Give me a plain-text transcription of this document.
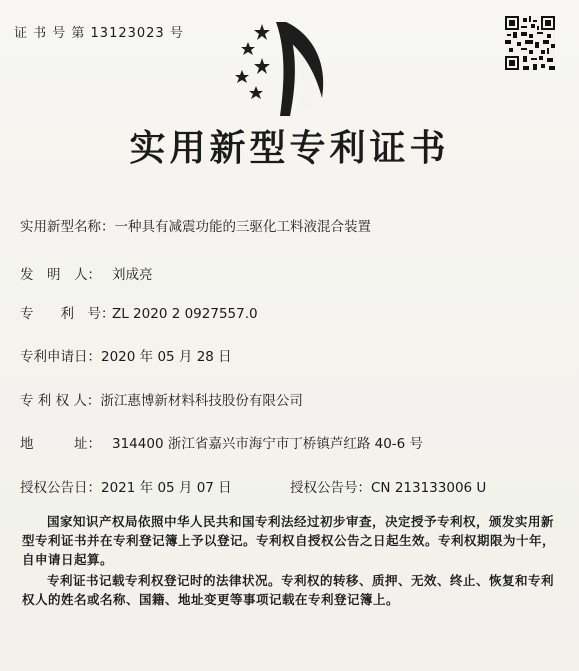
证 书 号 第 13123023 号
实用新型专利证书
实用新型名称：一种具有减震功能的三驱化工料液混合装置
发　明　人： 刘成亮
专　　利　号：ZL 2020 2 0927557.0
专利申请日：2020 年 05 月 28 日
专 利 权 人：浙江惠博新材料科技股份有限公司
地　　　址： 314400 浙江省嘉兴市海宁市丁桥镇芦红路 40-6 号
授权公告日：2021 年 05 月 07 日	授权公告号：CN 213133006 U
国家知识产权局依照中华人民共和国专利法经过初步审查，决定授予专利权，颁发实用新型专利证书并在专利登记簿上予以登记。专利权自授权公告之日起生效。专利权期限为十年，自申请日起算。
专利证书记载专利权登记时的法律状况。专利权的转移、质押、无效、终止、恢复和专利权人的姓名或名称、国籍、地址变更等事项记载在专利登记簿上。
